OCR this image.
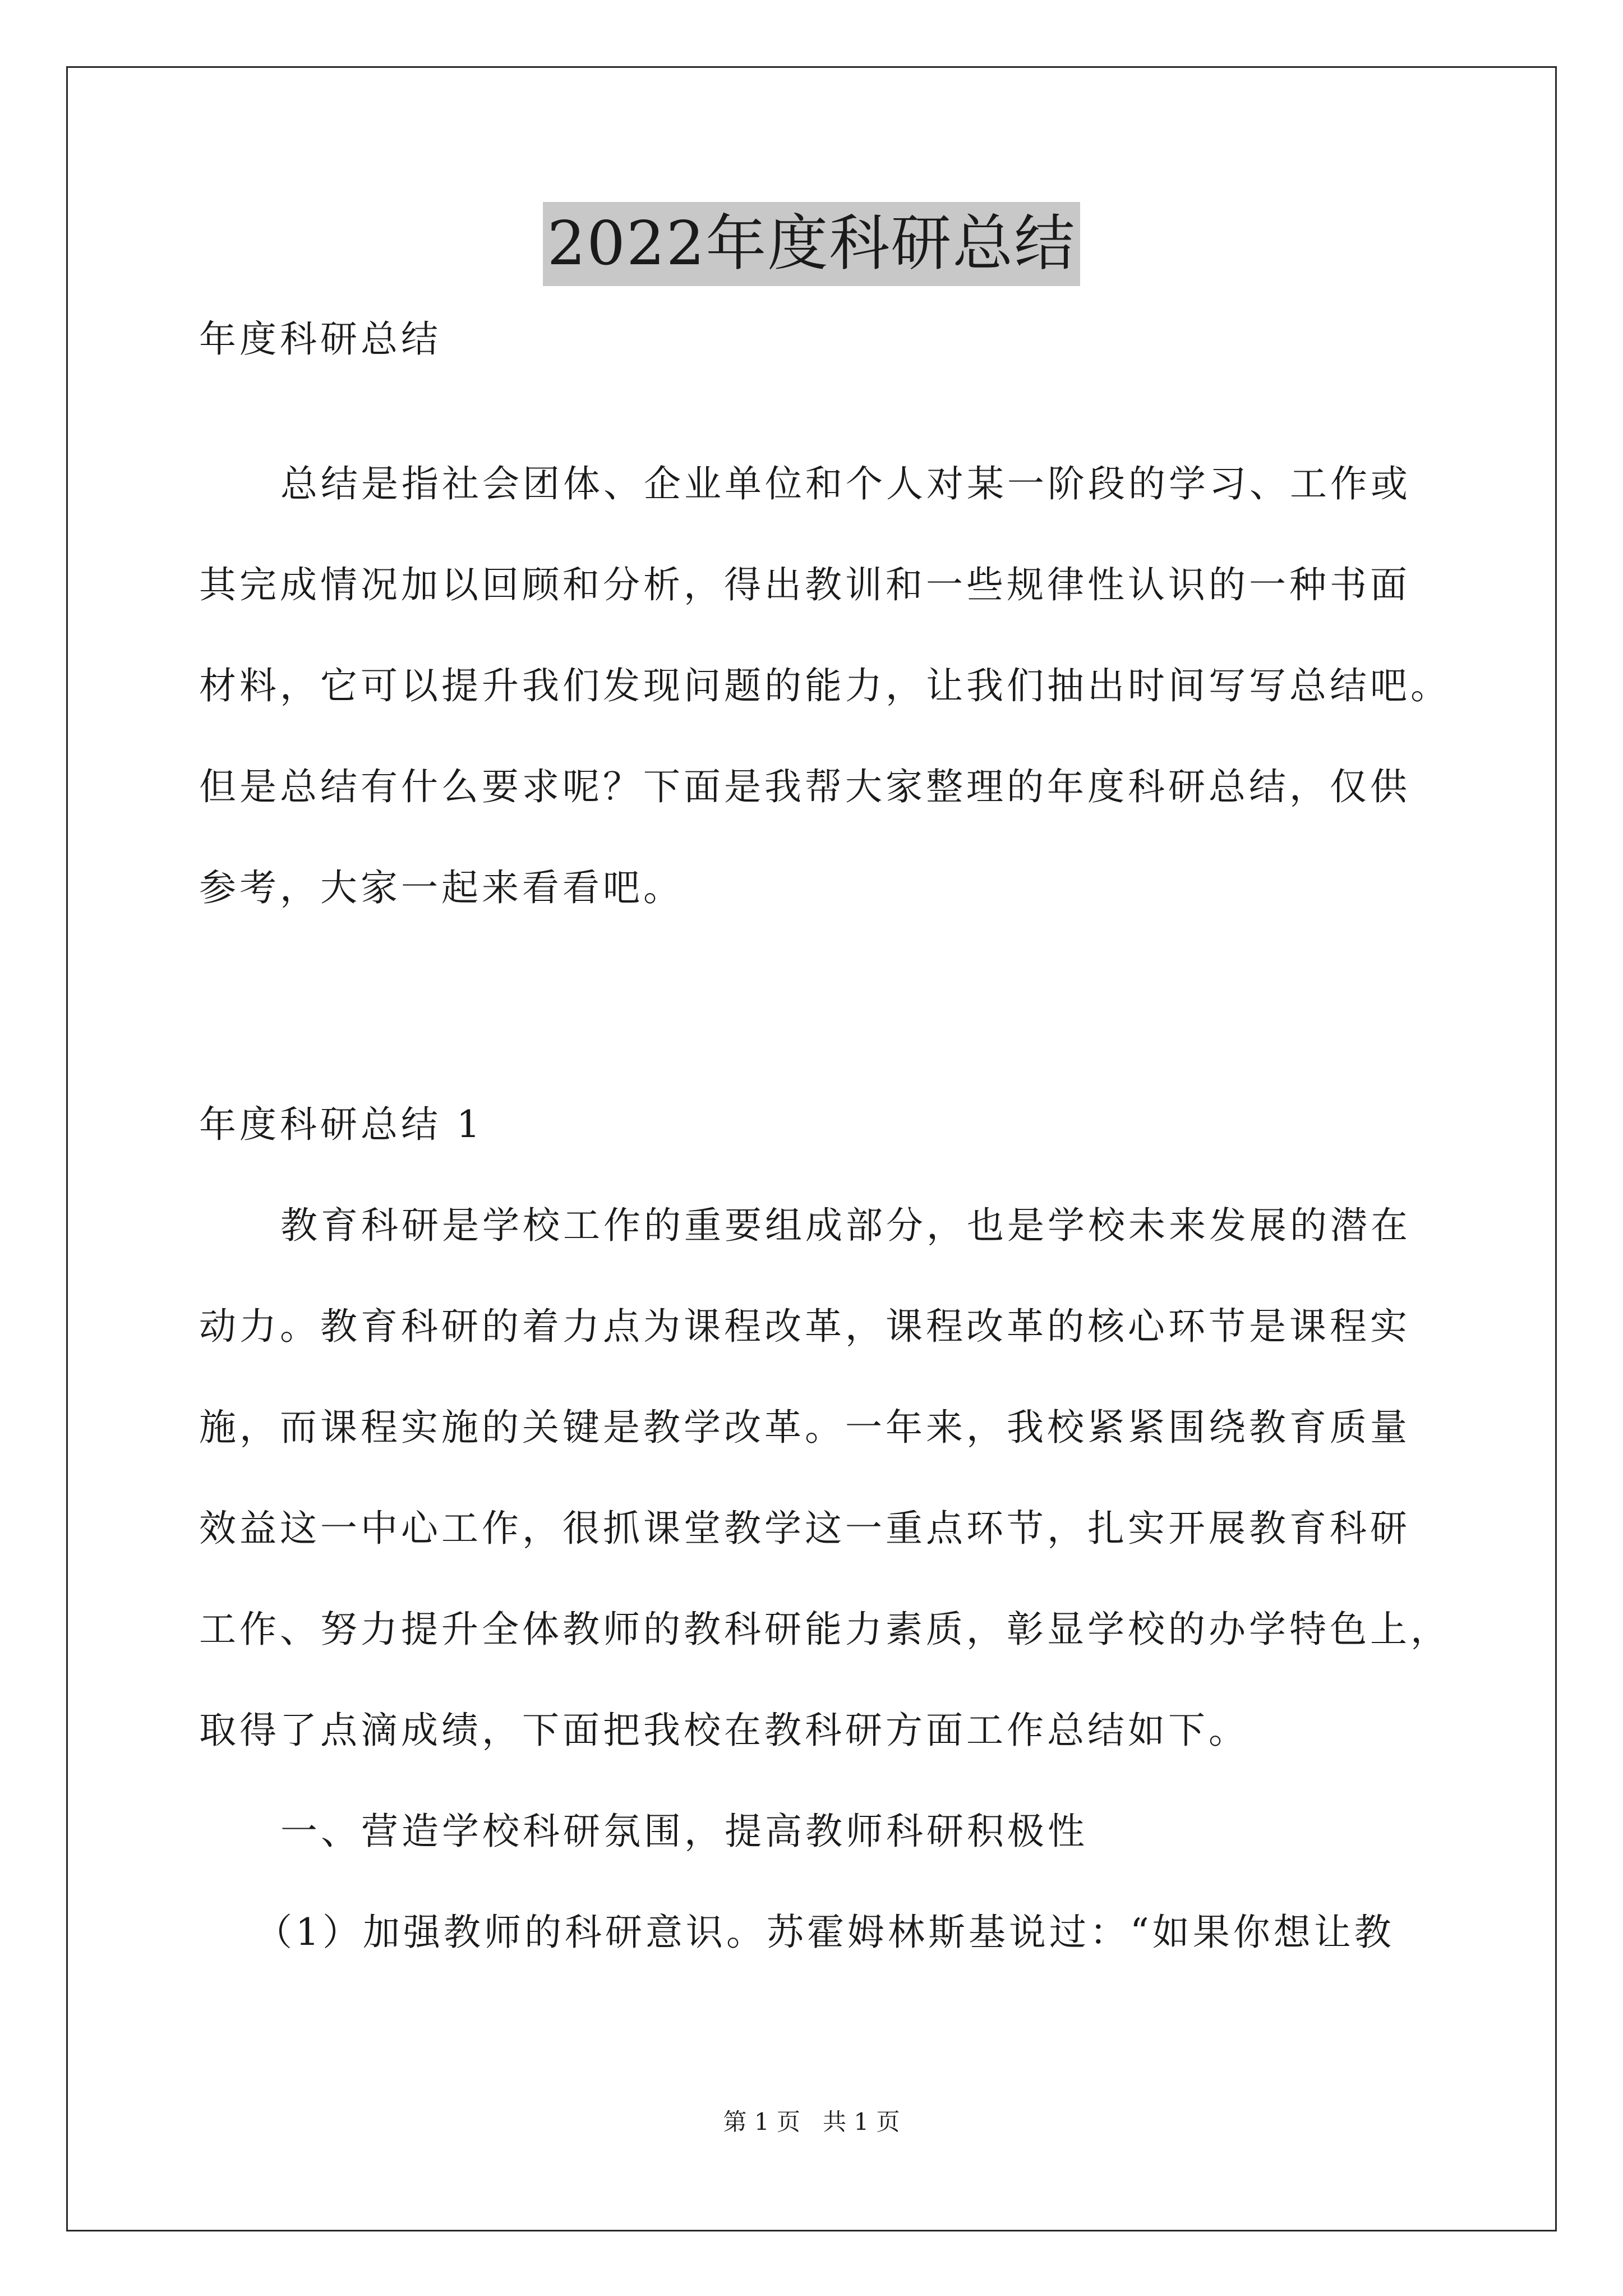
2022年度科研总结
年度科研总结
总结是指社会团体、企业单位和个人对某一阶段的学习、工作或
其完成情况加以回顾和分析，得出教训和一些规律性认识的一种书面
材料，它可以提升我们发现问题的能力，让我们抽出时间写写总结吧。
但是总结有什么要求呢？下面是我帮大家整理的年度科研总结，仅供
参考，大家一起来看看吧。
年度科研总结 1
教育科研是学校工作的重要组成部分，也是学校未来发展的潜在
动力。教育科研的着力点为课程改革，课程改革的核心环节是课程实
施，而课程实施的关键是教学改革。一年来，我校紧紧围绕教育质量
效益这一中心工作，很抓课堂教学这一重点环节，扎实开展教育科研
工作、努力提升全体教师的教科研能力素质，彰显学校的办学特色上，
取得了点滴成绩，下面把我校在教科研方面工作总结如下。
一、营造学校科研氛围，提高教师科研积极性
（1）加强教师的科研意识。苏霍姆林斯基说过：“如果你想让教
第 1 页   共 1 页
